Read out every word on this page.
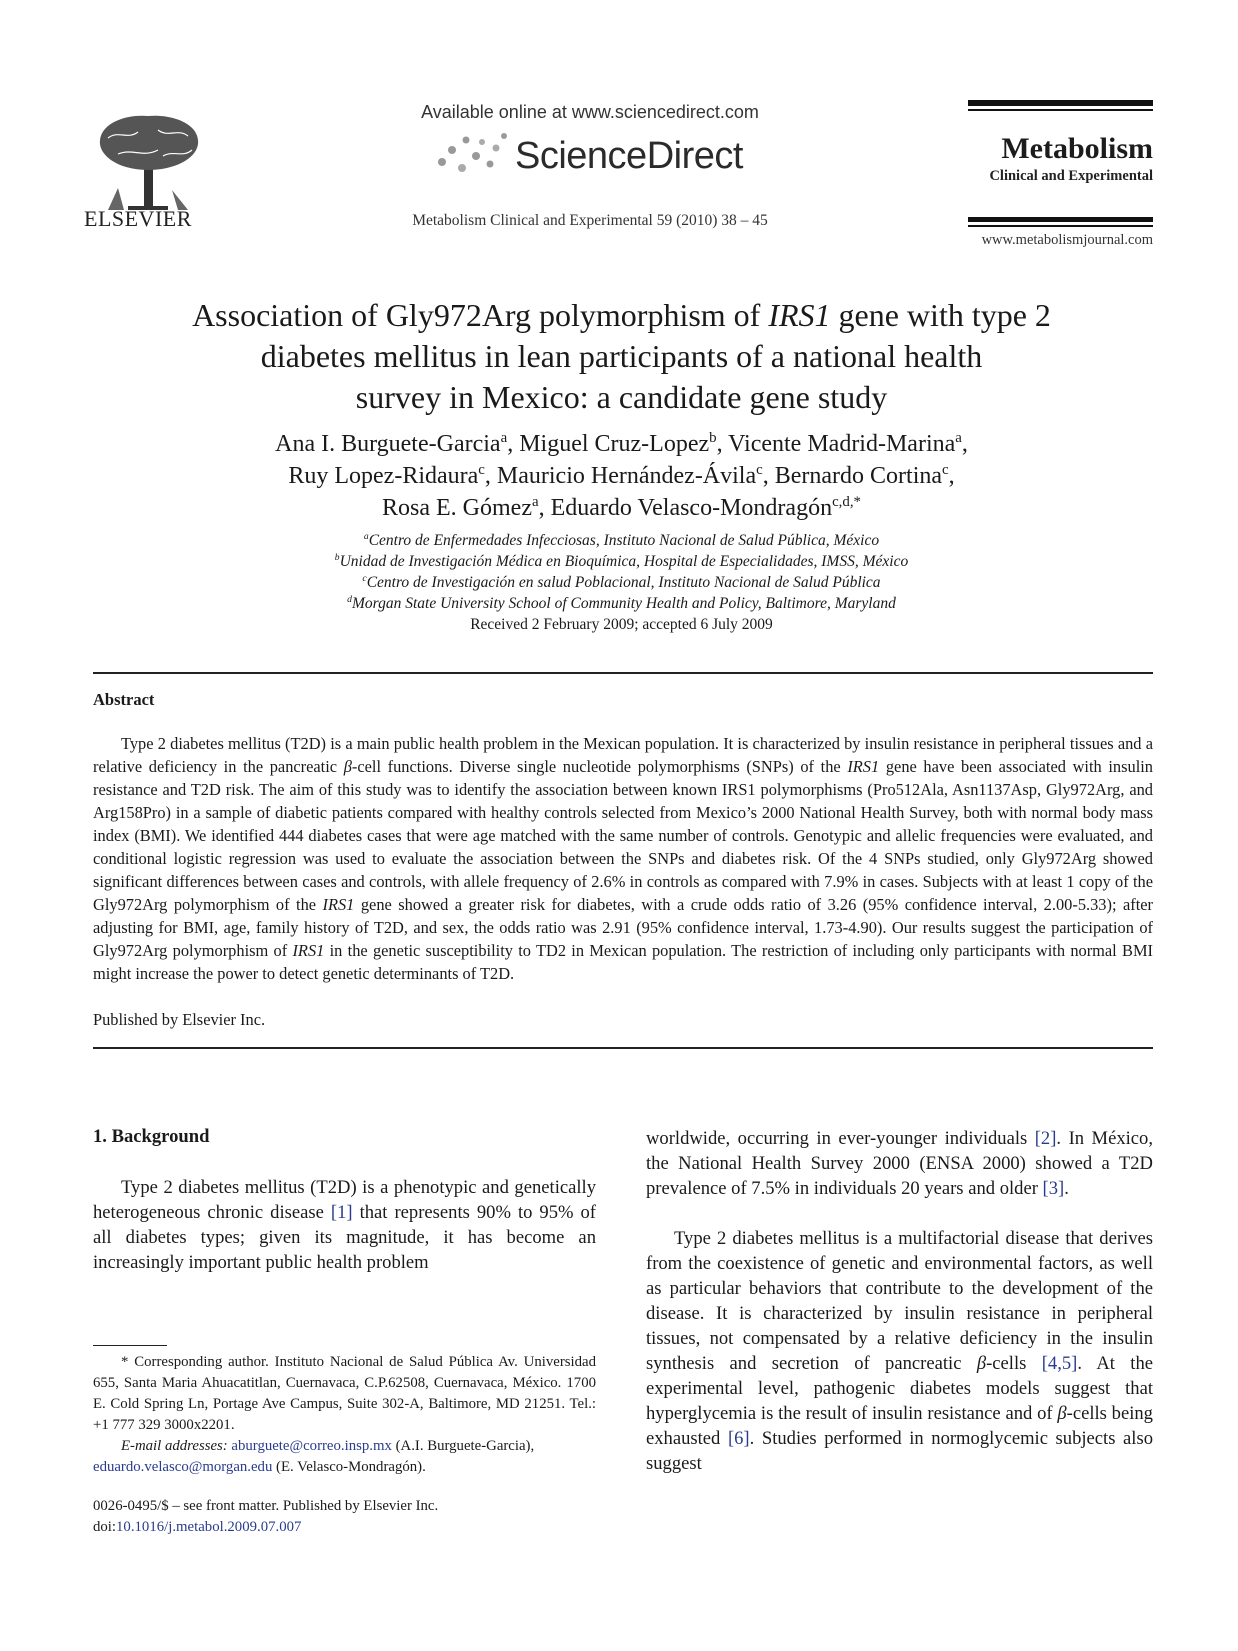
ELSEVIER
Available online at www.sciencedirect.com
ScienceDirect
Metabolism Clinical and Experimental 59 (2010) 38 – 45
Metabolism
Clinical and Experimental
www.metabolismjournal.com
Association of Gly972Arg polymorphism of IRS1 gene with type 2
diabetes mellitus in lean participants of a national health
survey in Mexico: a candidate gene study
Ana I. Burguete-Garcia$^a$, Miguel Cruz-Lopez$^b$, Vicente Madrid-Marina$^a$,
Ruy Lopez-Ridaura$^c$, Mauricio Hernández-Ávila$^c$, Bernardo Cortina$^c$,
Rosa E. Gómez$^a$, Eduardo Velasco-Mondragón$^{c,d,*}$
$^a$Centro de Enfermedades Infecciosas, Instituto Nacional de Salud Pública, México
$^b$Unidad de Investigación Médica en Bioquímica, Hospital de Especialidades, IMSS, México
$^c$Centro de Investigación en salud Poblacional, Instituto Nacional de Salud Pública
$^d$Morgan State University School of Community Health and Policy, Baltimore, Maryland
Received 2 February 2009; accepted 6 July 2009
Abstract
Type 2 diabetes mellitus (T2D) is a main public health problem in the Mexican population. It is characterized by insulin resistance in peripheral tissues and a relative deficiency in the pancreatic β-cell functions. Diverse single nucleotide polymorphisms (SNPs) of the IRS1 gene have been associated with insulin resistance and T2D risk. The aim of this study was to identify the association between known IRS1 polymorphisms (Pro512Ala, Asn1137Asp, Gly972Arg, and Arg158Pro) in a sample of diabetic patients compared with healthy controls selected from Mexico’s 2000 National Health Survey, both with normal body mass index (BMI). We identified 444 diabetes cases that were age matched with the same number of controls. Genotypic and allelic frequencies were evaluated, and conditional logistic regression was used to evaluate the association between the SNPs and diabetes risk. Of the 4 SNPs studied, only Gly972Arg showed significant differences between cases and controls, with allele frequency of 2.6% in controls as compared with 7.9% in cases. Subjects with at least 1 copy of the Gly972Arg polymorphism of the IRS1 gene showed a greater risk for diabetes, with a crude odds ratio of 3.26 (95% confidence interval, 2.00-5.33); after adjusting for BMI, age, family history of T2D, and sex, the odds ratio was 2.91 (95% confidence interval, 1.73-4.90). Our results suggest the participation of Gly972Arg polymorphism of IRS1 in the genetic susceptibility to TD2 in Mexican population. The restriction of including only participants with normal BMI might increase the power to detect genetic determinants of T2D.
Published by Elsevier Inc.
1. Background
Type 2 diabetes mellitus (T2D) is a phenotypic and genetically heterogeneous chronic disease [1] that represents 90% to 95% of all diabetes types; given its magnitude, it has become an increasingly important public health problem
worldwide, occurring in ever-younger individuals [2]. In México, the National Health Survey 2000 (ENSA 2000) showed a T2D prevalence of 7.5% in individuals 20 years and older [3].
Type 2 diabetes mellitus is a multifactorial disease that derives from the coexistence of genetic and environmental factors, as well as particular behaviors that contribute to the development of the disease. It is characterized by insulin resistance in peripheral tissues, not compensated by a relative deficiency in the insulin synthesis and secretion of pancreatic β-cells [4,5]. At the experimental level, pathogenic diabetes models suggest that hyperglycemia is the result of insulin resistance and of β-cells being exhausted [6]. Studies performed in normoglycemic subjects also suggest
* Corresponding author. Instituto Nacional de Salud Pública Av. Universidad 655, Santa Maria Ahuacatitlan, Cuernavaca, C.P.62508, Cuernavaca, México. 1700 E. Cold Spring Ln, Portage Ave Campus, Suite 302-A, Baltimore, MD 21251. Tel.: +1 777 329 3000x2201.
E-mail addresses: aburguete@correo.insp.mx (A.I. Burguete-Garcia), eduardo.velasco@morgan.edu (E. Velasco-Mondragón).
0026-0495/$ – see front matter. Published by Elsevier Inc.
doi:10.1016/j.metabol.2009.07.007
